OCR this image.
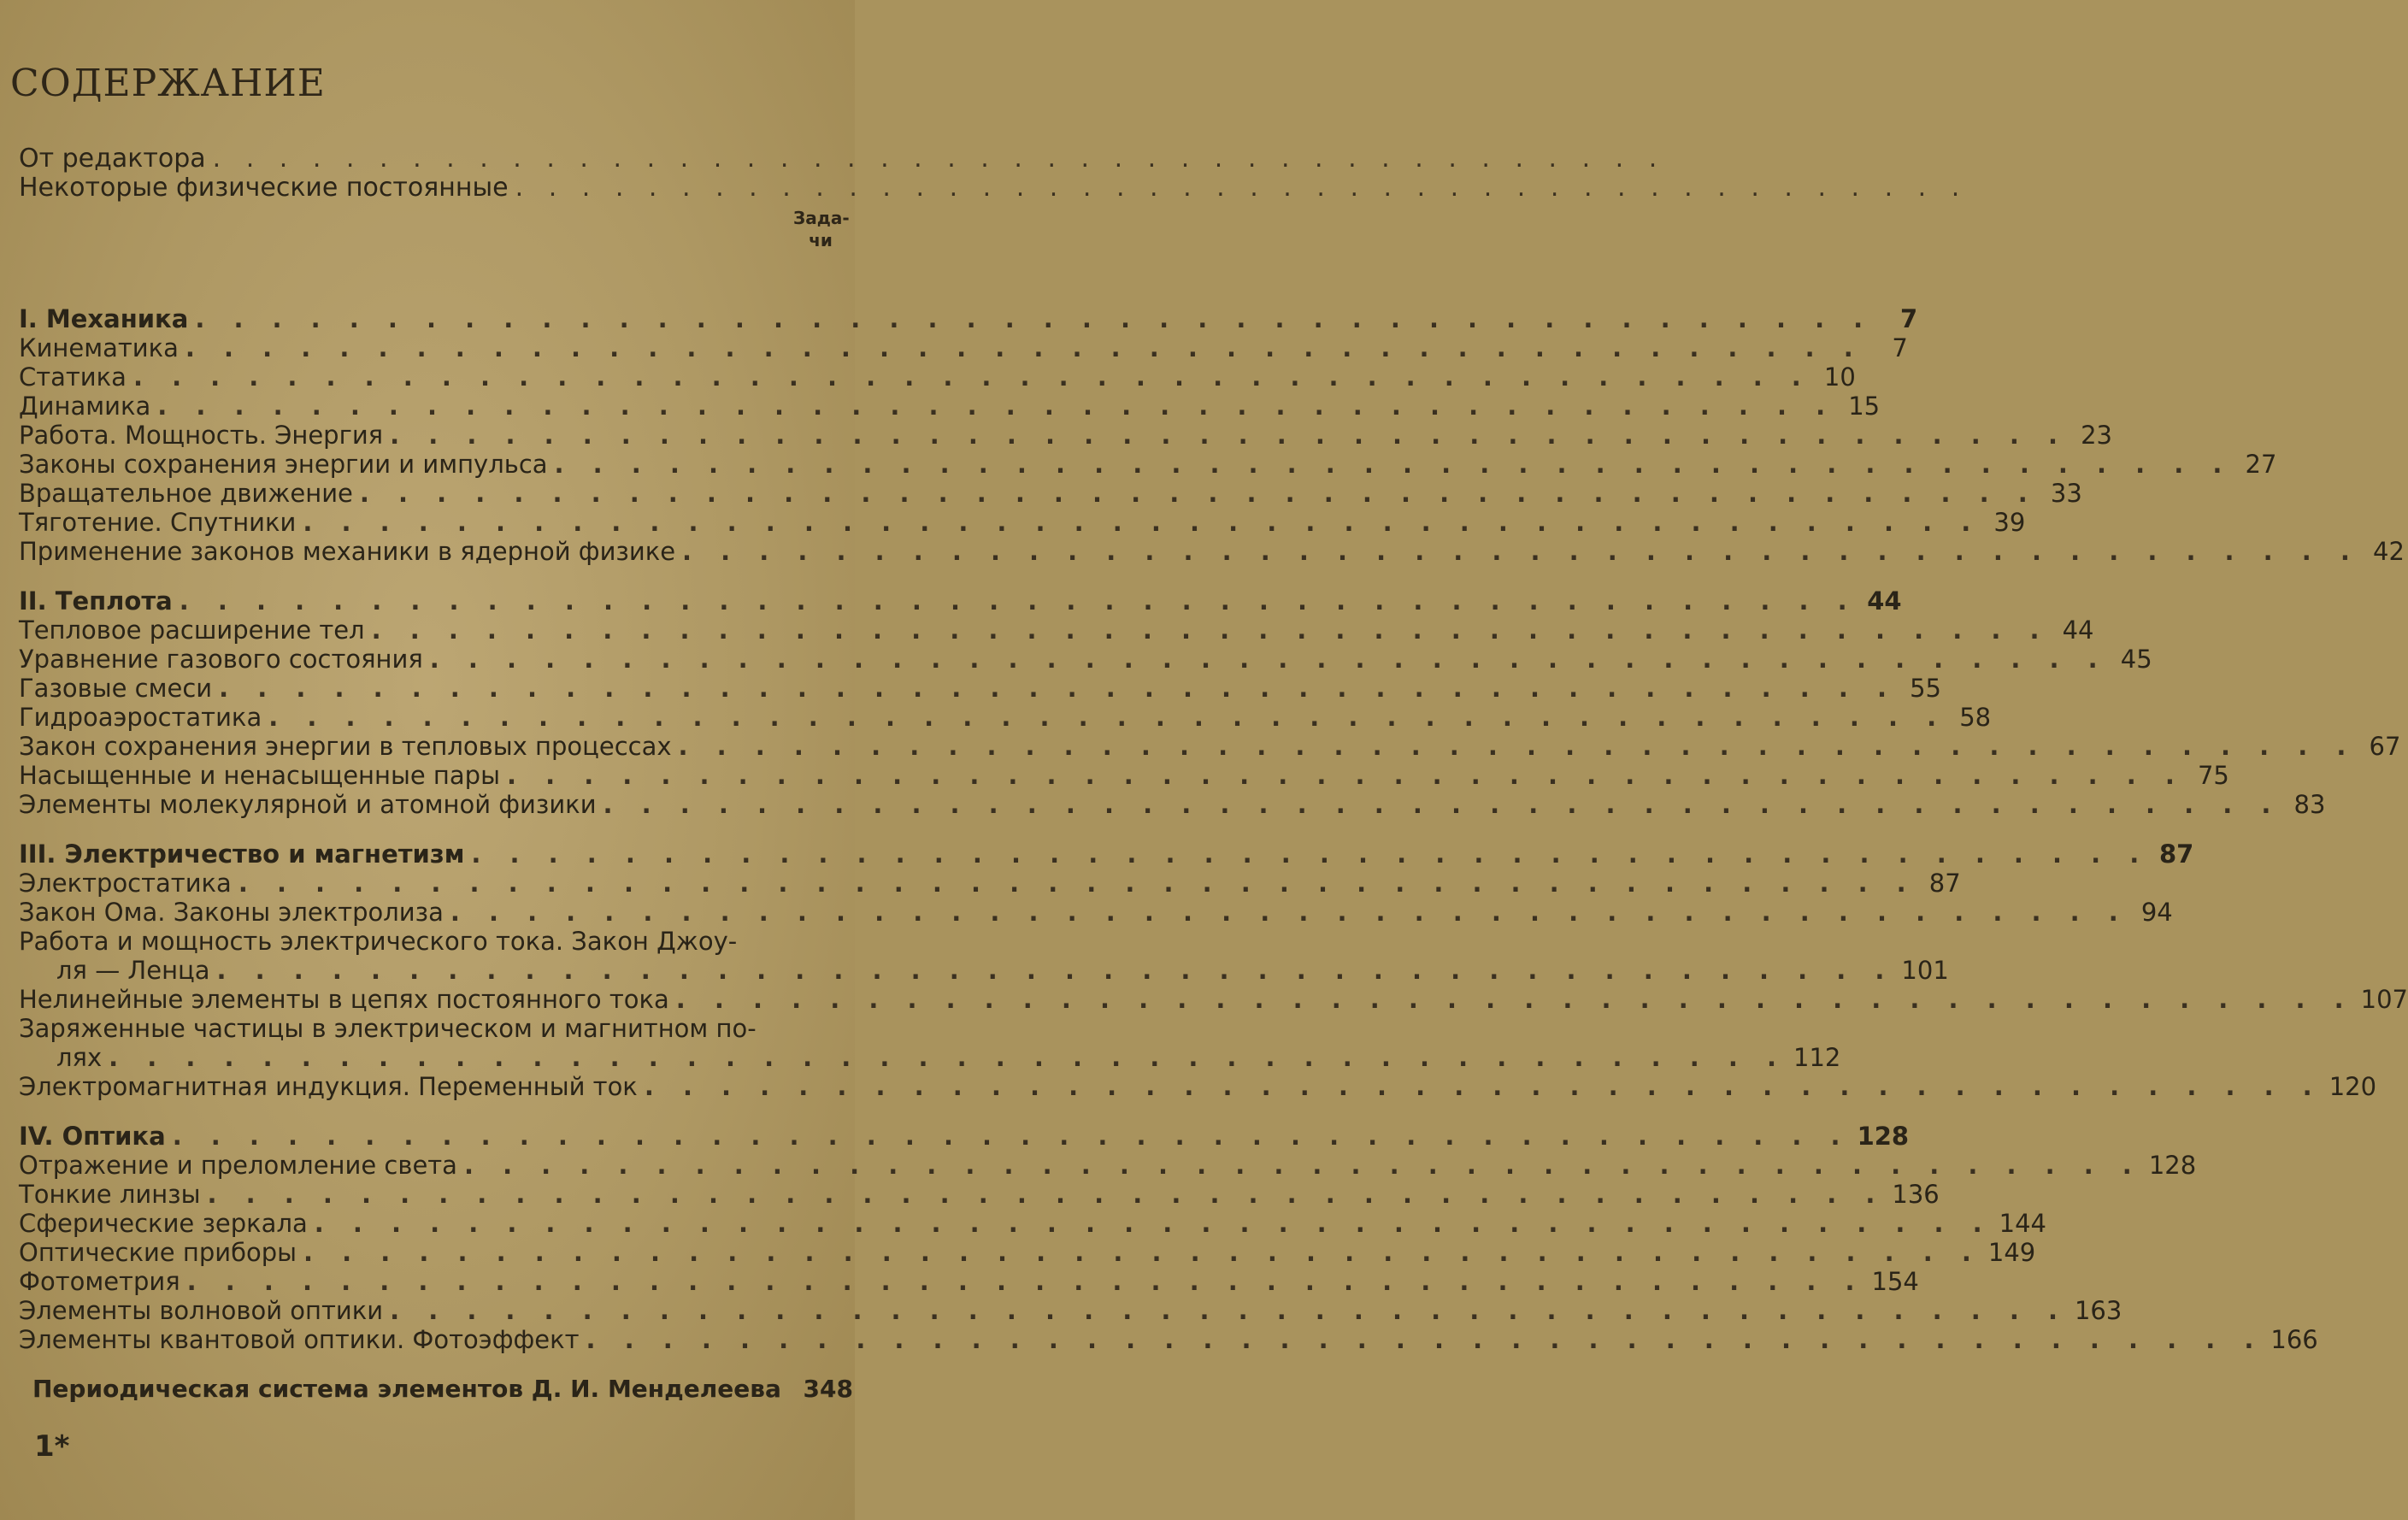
СОДЕРЖАНИЕ
От редактора . . . . . . . . . . . . . . . . . . . . . . . . . . . . . . . . . . . . . . . . . . . .
Некоторые физические постоянные . . . . . . . . . . . . . . . . . . . . . . . . . . . . . . . . . . . . . . . . . . . .
Зада-
чи
I. Механика . . . . . . . . . . . . . . . . . . . . . . . . . . . . . . . . . . . . . . . . . . . .	7
Кинематика . . . . . . . . . . . . . . . . . . . . . . . . . . . . . . . . . . . . . . . . . . . .	7
Статика . . . . . . . . . . . . . . . . . . . . . . . . . . . . . . . . . . . . . . . . . . . . 10
Динамика . . . . . . . . . . . . . . . . . . . . . . . . . . . . . . . . . . . . . . . . . . . . 15
Работа. Мощность. Энергия . . . . . . . . . . . . . . . . . . . . . . . . . . . . . . . . . . . . . . . . . . . . 23
Законы сохранения энергии и импульса . . . . . . . . . . . . . . . . . . . . . . . . . . . . . . . . . . . . . . . . . . . . 27
Вращательное движение . . . . . . . . . . . . . . . . . . . . . . . . . . . . . . . . . . . . . . . . . . . . 33
Тяготение. Спутники . . . . . . . . . . . . . . . . . . . . . . . . . . . . . . . . . . . . . . . . . . . . 39
Применение законов механики в ядерной физике . . . . . . . . . . . . . . . . . . . . . . . . . . . . . . . . . . . . . . . . . . . . 42
II. Теплота . . . . . . . . . . . . . . . . . . . . . . . . . . . . . . . . . . . . . . . . . . . . 44
Тепловое расширение тел . . . . . . . . . . . . . . . . . . . . . . . . . . . . . . . . . . . . . . . . . . . . 44
Уравнение газового состояния . . . . . . . . . . . . . . . . . . . . . . . . . . . . . . . . . . . . . . . . . . . . 45
Газовые смеси . . . . . . . . . . . . . . . . . . . . . . . . . . . . . . . . . . . . . . . . . . . . 55
Гидроаэростатика . . . . . . . . . . . . . . . . . . . . . . . . . . . . . . . . . . . . . . . . . . . . 58
Закон сохранения энергии в тепловых процессах . . . . . . . . . . . . . . . . . . . . . . . . . . . . . . . . . . . . . . . . . . . . 67
Насыщенные и ненасыщенные пары . . . . . . . . . . . . . . . . . . . . . . . . . . . . . . . . . . . . . . . . . . . . 75
Элементы молекулярной и атомной физики . . . . . . . . . . . . . . . . . . . . . . . . . . . . . . . . . . . . . . . . . . . . 83
III. Электричество и магнетизм . . . . . . . . . . . . . . . . . . . . . . . . . . . . . . . . . . . . . . . . . . . . 87
Электростатика . . . . . . . . . . . . . . . . . . . . . . . . . . . . . . . . . . . . . . . . . . . . 87
Закон Ома. Законы электролиза . . . . . . . . . . . . . . . . . . . . . . . . . . . . . . . . . . . . . . . . . . . . 94
Работа и мощность электрического тока. Закон Джоу-
ля — Ленца . . . . . . . . . . . . . . . . . . . . . . . . . . . . . . . . . . . . . . . . . . . . 101
Нелинейные элементы в цепях постоянного тока . . . . . . . . . . . . . . . . . . . . . . . . . . . . . . . . . . . . . . . . . . . . 107
Заряженные частицы в электрическом и магнитном по-
лях . . . . . . . . . . . . . . . . . . . . . . . . . . . . . . . . . . . . . . . . . . . . 112
Электромагнитная индукция. Переменный ток . . . . . . . . . . . . . . . . . . . . . . . . . . . . . . . . . . . . . . . . . . . . 120
IV. Оптика . . . . . . . . . . . . . . . . . . . . . . . . . . . . . . . . . . . . . . . . . . . . 128
Отражение и преломление света . . . . . . . . . . . . . . . . . . . . . . . . . . . . . . . . . . . . . . . . . . . . 128
Тонкие линзы . . . . . . . . . . . . . . . . . . . . . . . . . . . . . . . . . . . . . . . . . . . . 136
Сферические зеркала . . . . . . . . . . . . . . . . . . . . . . . . . . . . . . . . . . . . . . . . . . . . 144
Оптические приборы . . . . . . . . . . . . . . . . . . . . . . . . . . . . . . . . . . . . . . . . . . . . 149
Фотометрия . . . . . . . . . . . . . . . . . . . . . . . . . . . . . . . . . . . . . . . . . . . . 154
Элементы волновой оптики . . . . . . . . . . . . . . . . . . . . . . . . . . . . . . . . . . . . . . . . . . . . 163
Элементы квантовой оптики. Фотоэффект . . . . . . . . . . . . . . . . . . . . . . . . . . . . . . . . . . . . . . . . . . . . 166
Периодическая система элементов Д. И. Менделеева 348
1*
